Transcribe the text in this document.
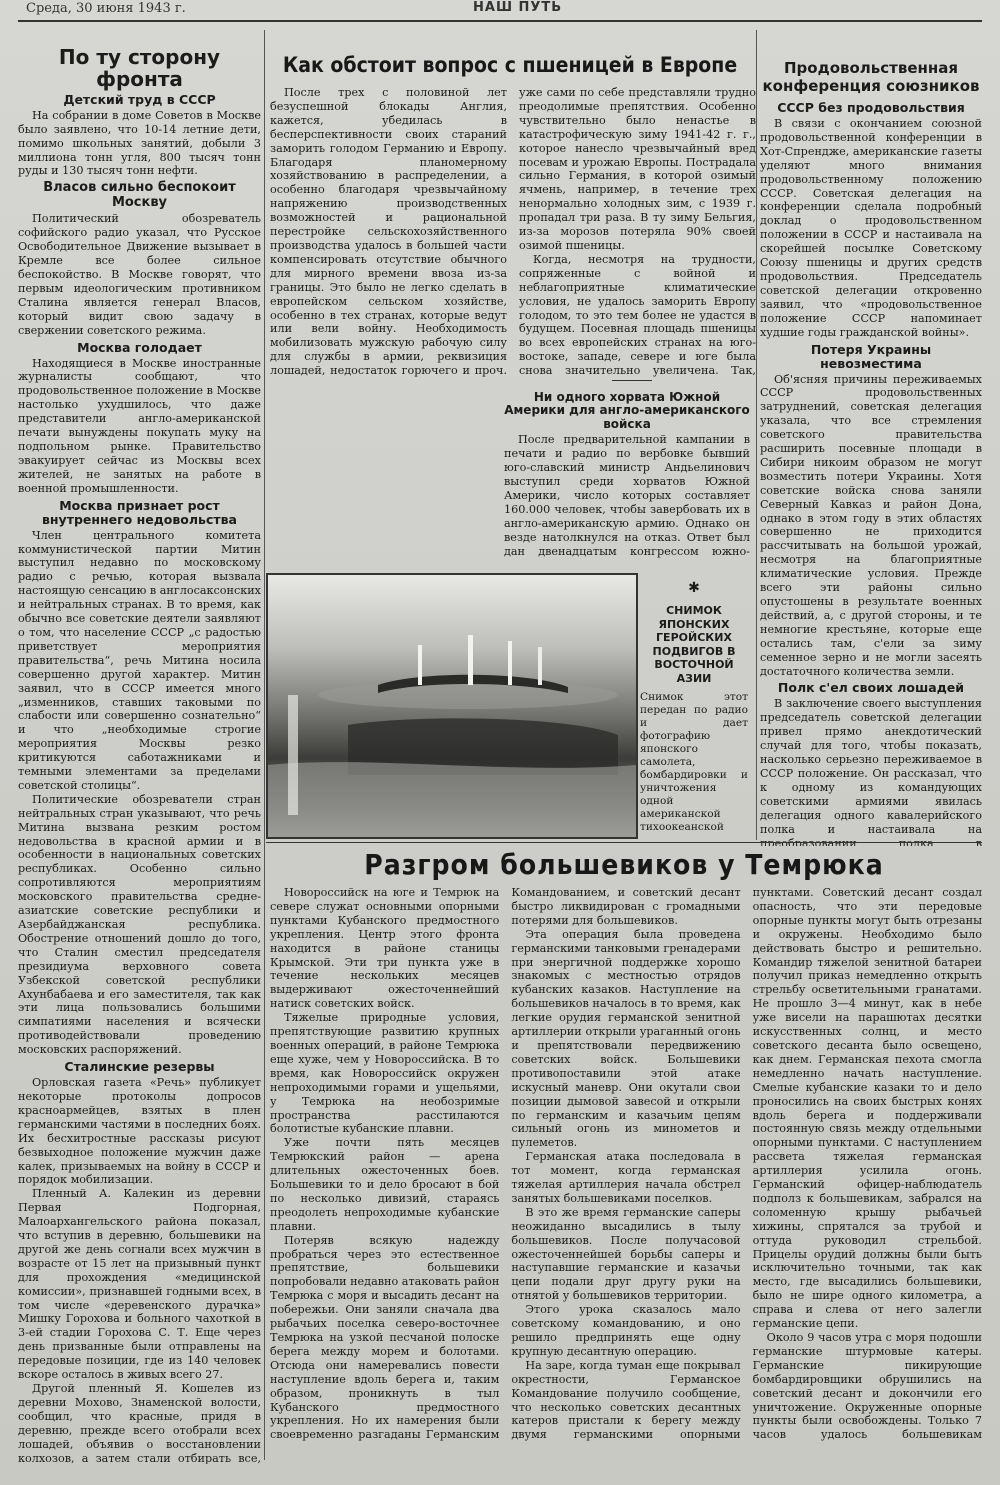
Среда, 30 июня 1943 г.	НАШ ПУТЬ
По ту сторону фронта
Детский труд в СССР

На собрании в доме Советов в Москве было заявлено, что 10-14 летние дети, помимо школьных занятий, добыли 3 миллиона тонн угля, 800 тысяч тонн руды и 130 тысяч тонн нефти.

Власов сильно беспокоит Москву

Политический обозреватель софийского радио указал, что Русское Освободительное Движение вызывает в Кремле все более сильное беспокойство. В Москве говорят, что первым идеологическим противником Сталина является генерал Власов, который видит свою задачу в свержении советского режима.

Москва голодает

Находящиеся в Москве иностранные журналисты сообщают, что продовольственное положение в Москве настолько ухудшилось, что даже представители англо-американской печати вынуждены покупать муку на подпольном рынке. Правительство эвакуирует сейчас из Москвы всех жителей, не занятых на работе в военной промышленности.

Москва признает рост внутреннего недовольства

Член центрального комитета коммунистической партии Митин выступил недавно по московскому радио с речью, которая вызвала настоящую сенсацию в англосаксонских и нейтральных странах. В то время, как обычно все советские деятели заявляют о том, что население СССР „с радостью приветствует мероприятия правительства“, речь Митина носила совершенно другой характер. Митин заявил, что в СССР имеется много „изменников, ставших таковыми по слабости или совершенно сознательно“ и что „необходимые строгие мероприятия Москвы резко критикуются саботажниками и темными элементами за пределами советской столицы“.

Политические обозреватели стран нейтральных стран указывают, что речь Митина вызвана резким ростом недовольства в красной армии и в особенности в национальных советских республиках. Особенно сильно сопротивляются мероприятиям московского правительства средне-азиатские советские республики и Азербайджанская республика. Обострение отношений дошло до того, что Сталин сместил председателя президиума верховного совета Узбекской советской республики Ахунбабаева и его заместителя, так как эти лица пользовались большими симпатиями населения и всячески противодействовали проведению московских распоряжений.

Сталинские резервы

Орловская газета «Речь» публикует некоторые протоколы допросов красноармейцев, взятых в плен германскими частями в последних боях. Их бесхитростные рассказы рисуют безвыходное положение мужчин даже калек, призываемых на войну в СССР и порядок мобилизации.

Пленный А. Калекин из деревни Первая Подгорная, Малоархангельского района показал, что вступив в деревню, большевики на другой же день согнали всех мужчин в возрасте от 15 лет на призывный пункт для прохождения «медицинской комиссии», признавшей годными всех, в том числе «деревенского дурачка» Мишку Горохова и больного чахоткой в 3-ей стадии Горохова С. Т. Еще через день призванные были отправлены на передовые позиции, где из 140 человек вскоре осталось в живых всего 27.

Другой пленный Я. Кошелев из деревни Мохово, Знаменской волости, сообщил, что красные, придя в деревню, прежде всего отобрали всех лошадей, объявив о восстановлении колхозов, а затем стали отбирать все,

Как обстоит вопрос с пшеницей в Европе

После трех с половиной лет безуспешной блокады Англия, кажется, убедилась в бесперспективности своих стараний заморить голодом Германию и Европу. Благодаря планомерному хозяйствованию в распределении, а особенно благодаря чрезвычайному напряжению производственных возможностей и рациональной перестройке сельскохозяйственного производства удалось в большей части компенсировать отсутствие обычного для мирного времени ввоза из-за границы. Это было не легко сделать в европейском сельском хозяйстве, особенно в тех странах, которые ведут или вели войну. Необходимость мобилизовать мужскую рабочую силу для службы в армии, реквизиция лошадей, недостаток горючего и проч. уже сами по себе представляли трудно преодолимые препятствия. Особенно чувствительно было ненастье в катастрофическую зиму 1941-42 г. г., которое нанесло чрезвычайный вред посевам и урожаю Европы. Пострадала сильно Германия, в которой озимый ячмень, например, в течение трех ненормально холодных зим, с 1939 г. пропадал три раза. В ту зиму Бельгия, из-за морозов потеряла 90% своей озимой пшеницы.

Когда, несмотря на трудности, сопряженные с войной и неблагоприятные климатические условия, не удалось заморить Европу голодом, то это тем более не удастся в будущем. Посевная площадь пшеницы во всех европейских странах на юго-востоке, западе, севере и юге была снова значительно увеличена. Так,

Ни одного хорвата Южной Америки для англо-американского войска

После предварительной кампании в печати и радио по вербовке бывший юго-славский министр Андьелинович выступил среди хорватов Южной Америки, число которых составляет 160.000 человек, чтобы завербовать их в англо-американскую армию. Однако он везде натолкнулся на отказ. Ответ был дан двенадцатым конгрессом южно-

✱
СНИМОК ЯПОНСКИХ ГЕРОЙСКИХ ПОДВИГОВ В ВОСТОЧНОЙ АЗИИ
Снимок этот передан по радио и дает фотографию японского самолета, бомбардировки и уничтожения одной американской тихоокеанской
Продовольственная конференция союзников
СССР без продовольствия

В связи с окончанием союзной продовольственной конференции в Хот-Спрендже, американские газеты уделяют много внимания продовольственному положению СССР. Советская делегация на конференции сделала подробный доклад о продовольственном положении в СССР и настаивала на скорейшей посылке Советскому Союзу пшеницы и других средств продовольствия. Председатель советской делегации откровенно заявил, что «продовольственное положение СССР напоминает худшие годы гражданской войны».

Потеря Украины невозместима

Об'ясняя причины переживаемых СССР продовольственных затруднений, советская делегация указала, что все стремления советского правительства расширить посевные площади в Сибири никоим образом не могут возместить потери Украины. Хотя советские войска снова заняли Северный Кавказ и район Дона, однако в этом году в этих областях совершенно не приходится рассчитывать на большой урожай, несмотря на благоприятные климатические условия. Прежде всего эти районы сильно опустошены в результате военных действий, а, с другой стороны, и те немногие крестьяне, которые еще остались там, с'ели за зиму семенное зерно и не могли засеять достаточного количества земли.

Полк с'ел своих лошадей

В заключение своего выступления председатель советской делегации привел прямо анекдотический случай для того, чтобы показать, насколько серьезно переживаемое в СССР положение. Он рассказал, что к одному из командующих советскими армиями явилась делегация одного кавалерийского полка и настаивала на

Разгром большевиков у Темрюка

Новороссийск на юге и Темрюк на севере служат основными опорными пунктами Кубанского предмостного укрепления. Центр этого фронта находится в районе станицы Крымской. Эти три пункта уже в течение нескольких месяцев выдерживают ожесточеннейший натиск советских войск.

Тяжелые природные условия, препятствующие развитию крупных военных операций, в районе Темрюка еще хуже, чем у Новороссийска. В то время, как Новороссийск окружен непроходимыми горами и ущельями, у Темрюка на необозримые пространства расстилаются болотистые кубанские плавни.

Уже почти пять месяцев Темрюкский район — арена длительных ожесточенных боев. Большевики то и дело бросают в бой по несколько дивизий, стараясь преодолеть непроходимые кубанские плавни.

Потеряв всякую надежду пробраться через это естественное препятствие, большевики попробовали недавно атаковать район Темрюка с моря и высадить десант на побережьи. Они заняли сначала два рыбачьих поселка северо-восточнее Темрюка на узкой песчаной полоске берега между морем и болотами. Отсюда они намеревались повести наступление вдоль берега и, таким образом, проникнуть в тыл Кубанского предмостного укрепления. Но их намерения были своевременно разгаданы Германским Командованием, и советский десант быстро ликвидирован с громадными потерями для большевиков.

Эта операция была проведена германскими танковыми гренадерами при энергичной поддержке хорошо знакомых с местностью отрядов кубанских казаков. Наступление на большевиков началось в то время, как легкие орудия германской зенитной артиллерии открыли ураганный огонь и препятствовали передвижению советских войск. Большевики противопоставили этой атаке искусный маневр. Они окутали свои позиции дымовой завесой и открыли по германским и казачьим цепям сильный огонь из минометов и пулеметов.

Германская атака последовала в тот момент, когда германская тяжелая артиллерия начала обстрел занятых большевиками поселков.

В это же время германские саперы неожиданно высадились в тылу большевиков. После получасовой ожесточеннейшей борьбы саперы и наступавшие германские и казачьи цепи подали друг другу руки на отнятой у большевиков территории.

Этого урока сказалось мало советскому командованию, и оно решило предпринять еще одну крупную десантную операцию.

На заре, когда туман еще покрывал окрестности, Германское Командование получило сообщение, что несколько советских десантных катеров пристали к берегу между двумя германскими опорными пунктами. Советский десант создал опасность, что эти передовые опорные пункты могут быть отрезаны и окружены. Необходимо было действовать быстро и решительно. Командир тяжелой зенитной батареи получил приказ немедленно открыть стрельбу осветительными гранатами. Не прошло 3—4 минут, как в небе уже висели на парашютах десятки искусственных солнц, и место советского десанта было освещено, как днем. Германская пехота смогла немедленно начать наступление. Смелые кубанские казаки то и дело проносились на своих быстрых конях вдоль берега и поддерживали постоянную связь между отдельными опорными пунктами. С наступлением рассвета тяжелая германская артиллерия усилила огонь. Германский офицер-наблюдатель подполз к большевикам, забрался на соломенную крышу рыбачьей хижины, спрятался за трубой и оттуда руководил стрельбой. Прицелы орудий должны были быть исключительно точными, так как место, где высадились большевики, было не шире одного километра, а справа и слева от него залегли германские цепи.

Около 9 часов утра с моря подошли германские штурмовые катеры. Германские пикирующие бомбардировщики обрушились на советский десант и докончили его уничтожение. Окруженные опорные пункты были освобождены. Только 7 часов удалось большевикам
